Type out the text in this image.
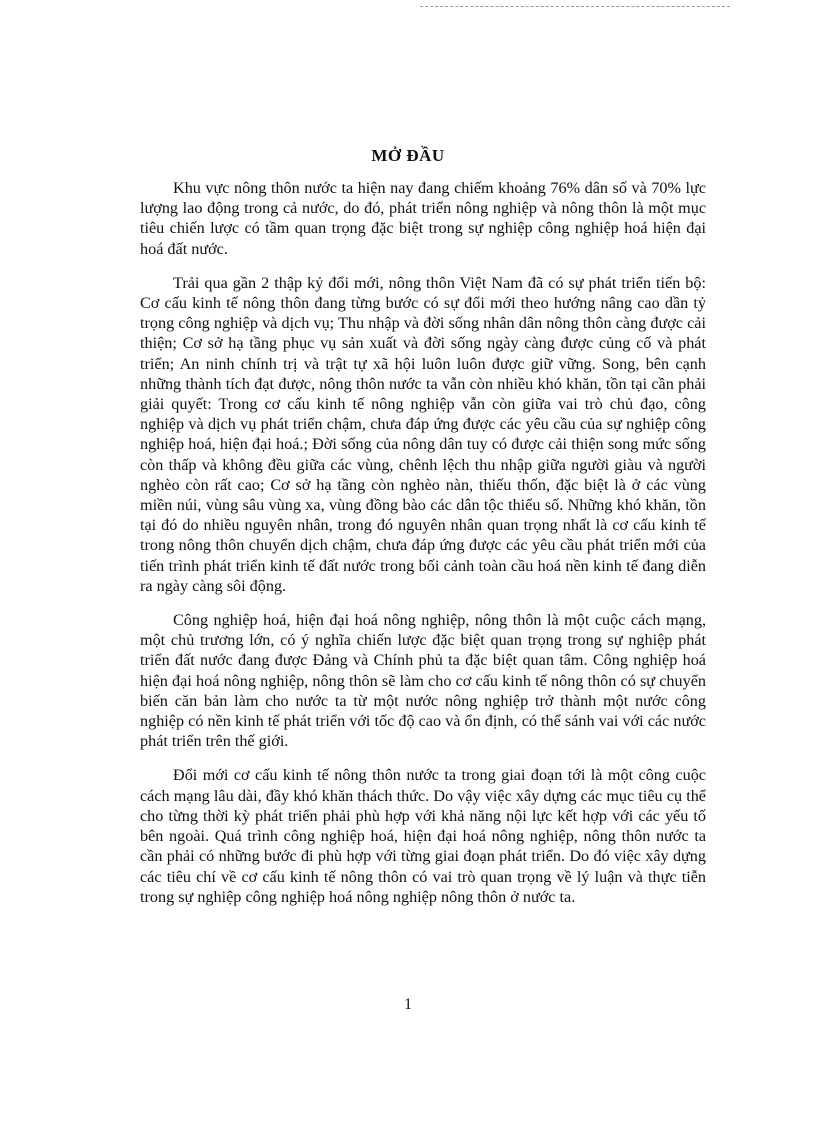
MỞ ĐẦU

Khu vực nông thôn nước ta hiện nay đang chiếm khoảng 76% dân số và 70% lực lượng lao động trong cả nước, do đó, phát triển nông nghiệp và nông thôn là một mục tiêu chiến lược có tầm quan trọng đặc biệt trong sự nghiệp công nghiệp hoá hiện đại hoá đất nước.

Trải qua gần 2 thập kỷ đổi mới, nông thôn Việt Nam đã có sự phát triển tiến bộ: Cơ cấu kinh tế nông thôn đang từng bước có sự đổi mới theo hướng nâng cao dần tỷ trọng công nghiệp và dịch vụ; Thu nhập và đời sống nhân dân nông thôn càng được cải thiện; Cơ sở hạ tầng phục vụ sản xuất và đời sống ngày càng được củng cố và phát triển; An ninh chính trị và trật tự xã hội luôn luôn được giữ vững. Song, bên cạnh những thành tích đạt được, nông thôn nước ta vẫn còn nhiều khó khăn, tồn tại cần phải giải quyết: Trong cơ cấu kinh tế nông nghiệp vẫn còn giữa vai trò chủ đạo, công nghiệp và dịch vụ phát triển chậm, chưa đáp ứng được các yêu cầu của sự nghiệp công nghiệp hoá, hiện đại hoá.; Đời sống của nông dân tuy có được cải thiện song mức sống còn thấp và không đều giữa các vùng, chênh lệch thu nhập giữa người giàu và người nghèo còn rất cao; Cơ sở hạ tầng còn nghèo nàn, thiếu thốn, đặc biệt là ở các vùng miền núi, vùng sâu vùng xa, vùng đồng bào các dân tộc thiểu số. Những khó khăn, tồn tại đó do nhiều nguyên nhân, trong đó nguyên nhân quan trọng nhất là cơ cấu kinh tế trong nông thôn chuyển dịch chậm, chưa đáp ứng được các yêu cầu phát triển mới của tiến trình phát triển kinh tế đất nước trong bối cảnh toàn cầu hoá nền kinh tế đang diễn ra ngày càng sôi động.

Công nghiệp hoá, hiện đại hoá nông nghiệp, nông thôn là một cuộc cách mạng, một chủ trương lớn, có ý nghĩa chiến lược đặc biệt quan trọng trong sự nghiệp phát triển đất nước đang được Đảng và Chính phủ ta đặc biệt quan tâm. Công nghiệp hoá hiện đại hoá nông nghiệp, nông thôn sẽ làm cho cơ cấu kinh tế nông thôn có sự chuyển biến căn bản làm cho nước ta từ một nước nông nghiệp trở thành một nước công nghiệp có nền kinh tế phát triển với tốc độ cao và ổn định, có thể sánh vai với các nước phát triển trên thế giới.

Đổi mới cơ cấu kinh tế nông thôn nước ta trong giai đoạn tới là một công cuộc cách mạng lâu dài, đầy khó khăn thách thức. Do vậy việc xây dựng các mục tiêu cụ thể cho từng thời kỳ phát triển phải phù hợp với khả năng nội lực kết hợp với các yếu tố bên ngoài. Quá trình công nghiệp hoá, hiện đại hoá nông nghiệp, nông thôn nước ta cần phải có những bước đi phù hợp với từng giai đoạn phát triển. Do đó việc xây dựng các tiêu chí về cơ cấu kinh tế nông thôn có vai trò quan trọng về lý luận và thực tiễn trong sự nghiệp công nghiệp hoá nông nghiệp nông thôn ở nước ta.

1
